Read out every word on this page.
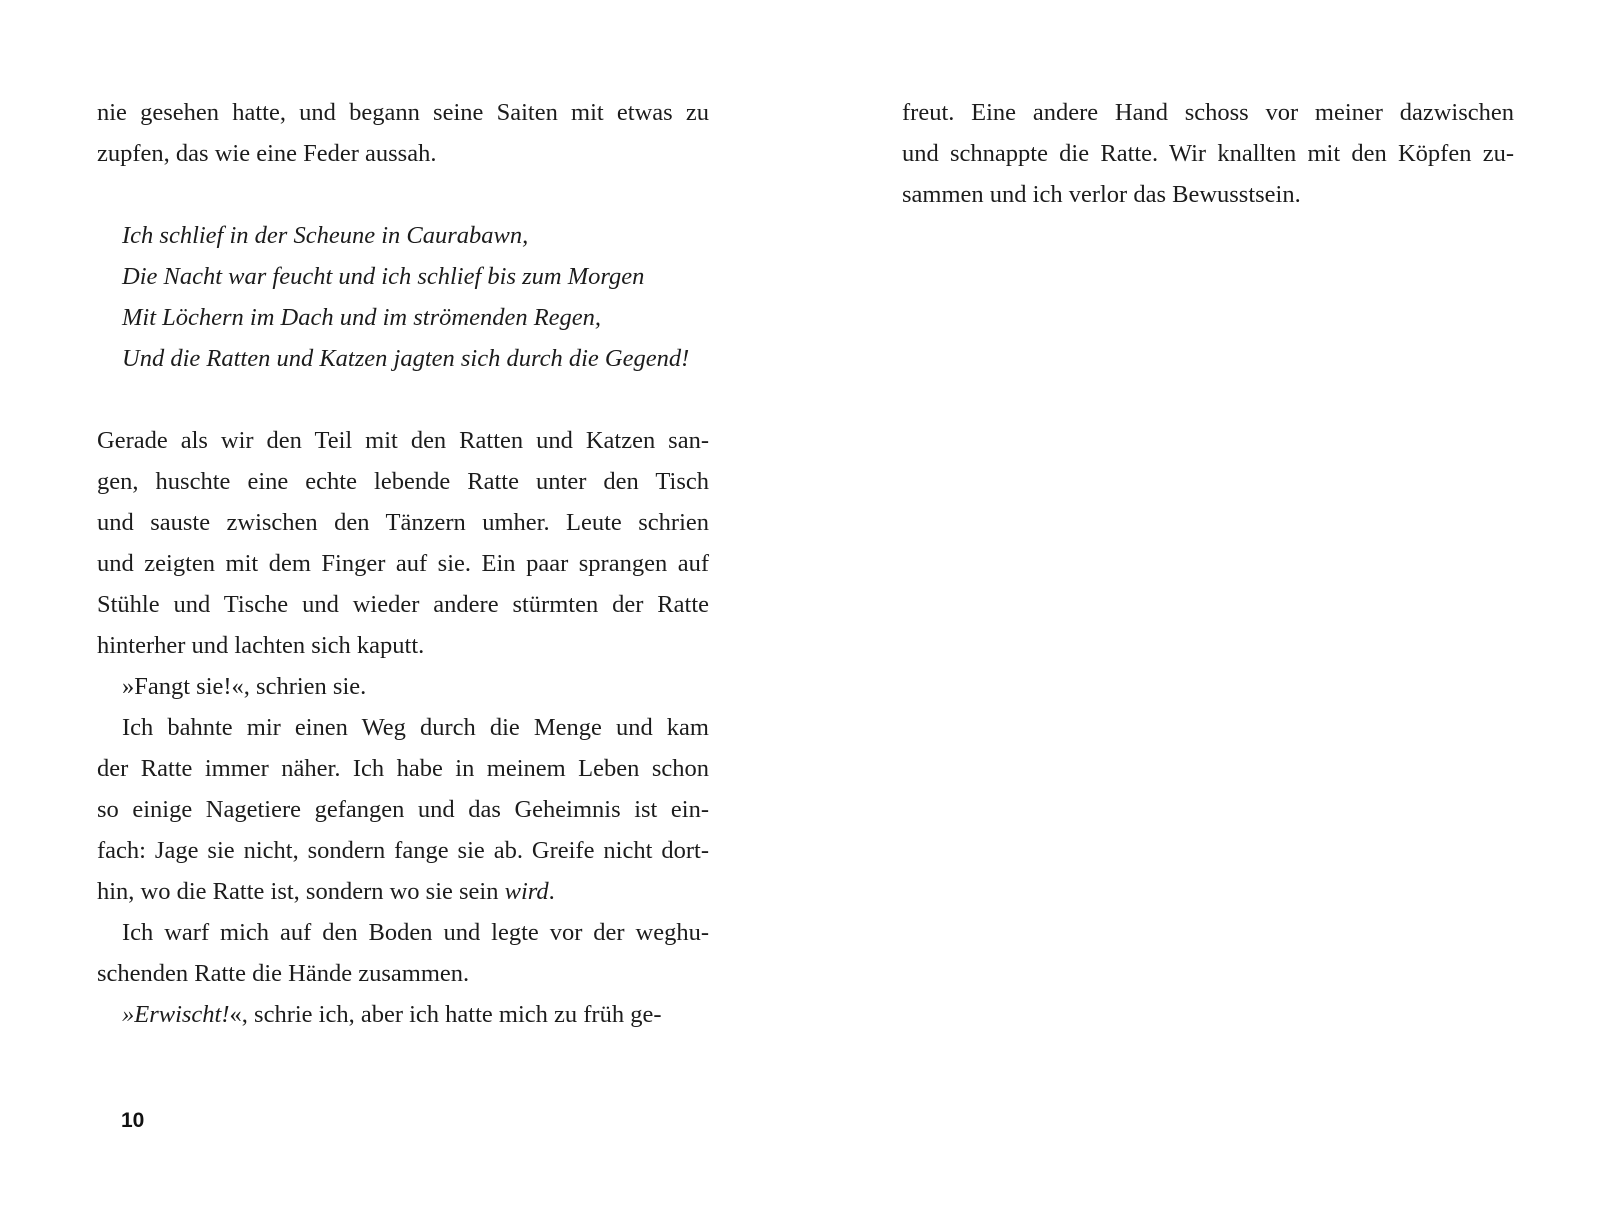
nie gesehen hatte, und begann seine Saiten mit etwas zu
zupfen, das wie eine Feder aussah.
Ich schlief in der Scheune in Caurabawn,
Die Nacht war feucht und ich schlief bis zum Morgen
Mit Löchern im Dach und im strömenden Regen,
Und die Ratten und Katzen jagten sich durch die Gegend!
Gerade als wir den Teil mit den Ratten und Katzen san-
gen, huschte eine echte lebende Ratte unter den Tisch
und sauste zwischen den Tänzern umher. Leute schrien
und zeigten mit dem Finger auf sie. Ein paar sprangen auf
Stühle und Tische und wieder andere stürmten der Ratte
hinterher und lachten sich kaputt.
»Fangt sie!«, schrien sie.
Ich bahnte mir einen Weg durch die Menge und kam
der Ratte immer näher. Ich habe in meinem Leben schon
so einige Nagetiere gefangen und das Geheimnis ist ein-
fach: Jage sie nicht, sondern fange sie ab. Greife nicht dort-
hin, wo die Ratte ist, sondern wo sie sein wird.
Ich warf mich auf den Boden und legte vor der weghu-
schenden Ratte die Hände zusammen.
»Erwischt!«, schrie ich, aber ich hatte mich zu früh ge-
10
freut. Eine andere Hand schoss vor meiner dazwischen
und schnappte die Ratte. Wir knallten mit den Köpfen zu-
sammen und ich verlor das Bewusstsein.
